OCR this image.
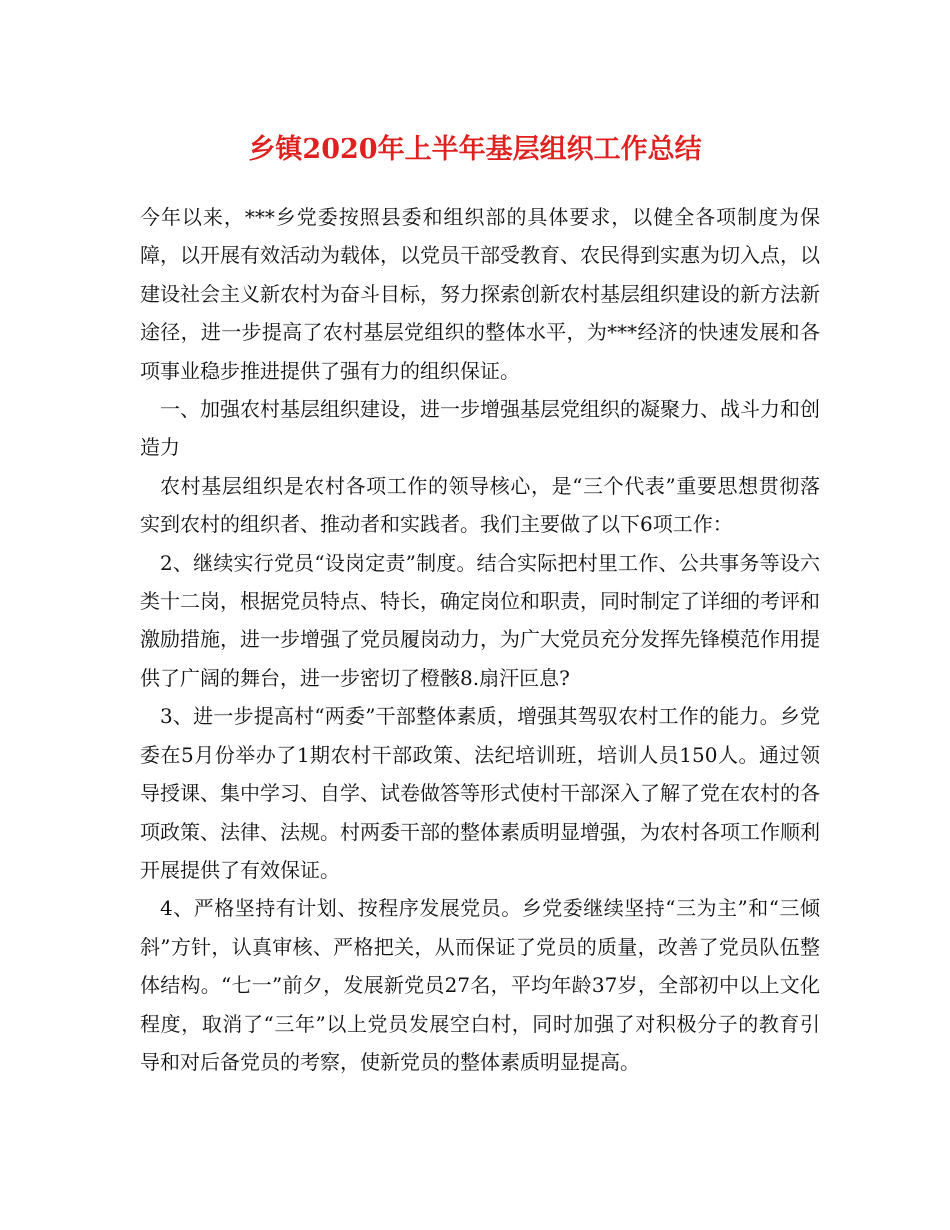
乡镇2020年上半年基层组织工作总结

今年以来，***乡党委按照县委和组织部的具体要求，以健全各项制度为保障，以开展有效活动为载体，以党员干部受教育、农民得到实惠为切入点，以建设社会主义新农村为奋斗目标，努力探索创新农村基层组织建设的新方法新途径，进一步提高了农村基层党组织的整体水平，为***经济的快速发展和各项事业稳步推进提供了强有力的组织保证。

一、加强农村基层组织建设，进一步增强基层党组织的凝聚力、战斗力和创造力

农村基层组织是农村各项工作的领导核心，是“三个代表”重要思想贯彻落实到农村的组织者、推动者和实践者。我们主要做了以下6项工作：

2、继续实行党员“设岗定责”制度。结合实际把村里工作、公共事务等设六类十二岗，根据党员特点、特长，确定岗位和职责，同时制定了详细的考评和激励措施，进一步增强了党员履岗动力，为广大党员充分发挥先锋模范作用提供了广阔的舞台，进一步密切了橙骸8.扇汗叵息?

3、进一步提高村“两委”干部整体素质，增强其驾驭农村工作的能力。乡党委在5月份举办了1期农村干部政策、法纪培训班，培训人员150人。通过领导授课、集中学习、自学、试卷做答等形式使村干部深入了解了党在农村的各项政策、法律、法规。村两委干部的整体素质明显增强，为农村各项工作顺利开展提供了有效保证。

4、严格坚持有计划、按程序发展党员。乡党委继续坚持“三为主”和“三倾斜”方针，认真审核、严格把关，从而保证了党员的质量，改善了党员队伍整体结构。“七一”前夕，发展新党员27名，平均年龄37岁，全部初中以上文化程度，取消了“三年”以上党员发展空白村，同时加强了对积极分子的教育引导和对后备党员的考察，使新党员的整体素质明显提高。
